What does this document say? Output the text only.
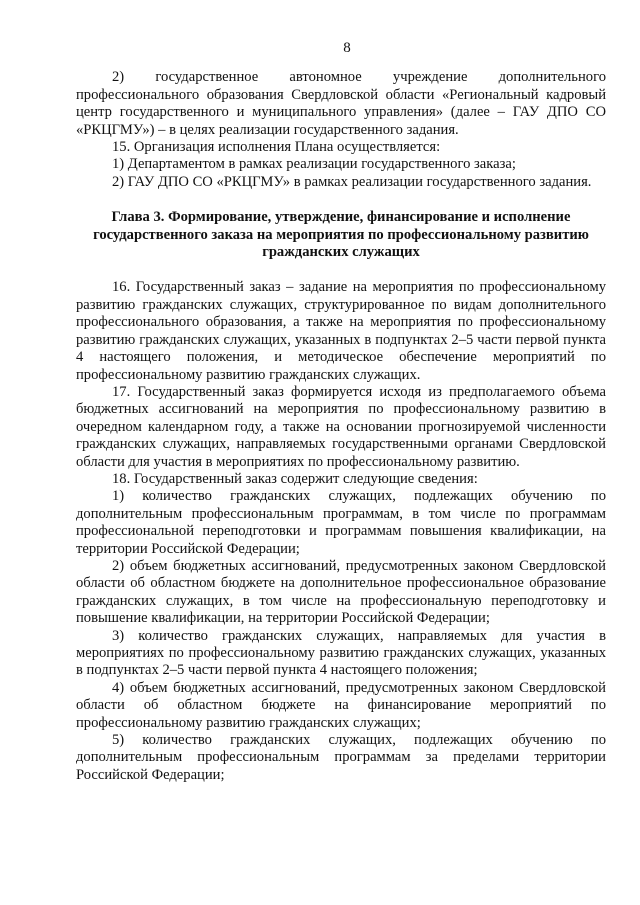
8

2) государственное автономное учреждение дополнительного профессионального образования Свердловской области «Региональный кадровый центр государственного и муниципального управления» (далее – ГАУ ДПО СО «РКЦГМУ») – в целях реализации государственного задания.

15. Организация исполнения Плана осуществляется:

1) Департаментом в рамках реализации государственного заказа;

2) ГАУ ДПО СО «РКЦГМУ» в рамках реализации государственного задания.

Глава 3. Формирование, утверждение, финансирование и исполнение государственного заказа на мероприятия по профессиональному развитию гражданских служащих

16. Государственный заказ – задание на мероприятия по профессиональному развитию гражданских служащих, структурированное по видам дополнительного профессионального образования, а также на мероприятия по профессиональному развитию гражданских служащих, указанных в подпунктах 2–5 части первой пункта 4 настоящего положения, и методическое обеспечение мероприятий по профессиональному развитию гражданских служащих.

17. Государственный заказ формируется исходя из предполагаемого объема бюджетных ассигнований на мероприятия по профессиональному развитию в очередном календарном году, а также на основании прогнозируемой численности гражданских служащих, направляемых государственными органами Свердловской области для участия в мероприятиях по профессиональному развитию.

18. Государственный заказ содержит следующие сведения:

1) количество гражданских служащих, подлежащих обучению по дополнительным профессиональным программам, в том числе по программам профессиональной переподготовки и программам повышения квалификации, на территории Российской Федерации;

2) объем бюджетных ассигнований, предусмотренных законом Свердловской области об областном бюджете на дополнительное профессиональное образование гражданских служащих, в том числе на профессиональную переподготовку и повышение квалификации, на территории Российской Федерации;

3) количество гражданских служащих, направляемых для участия в мероприятиях по профессиональному развитию гражданских служащих, указанных в подпунктах 2–5 части первой пункта 4 настоящего положения;

4) объем бюджетных ассигнований, предусмотренных законом Свердловской области об областном бюджете на финансирование мероприятий по профессиональному развитию гражданских служащих;

5) количество гражданских служащих, подлежащих обучению по дополнительным профессиональным программам за пределами территории Российской Федерации;
